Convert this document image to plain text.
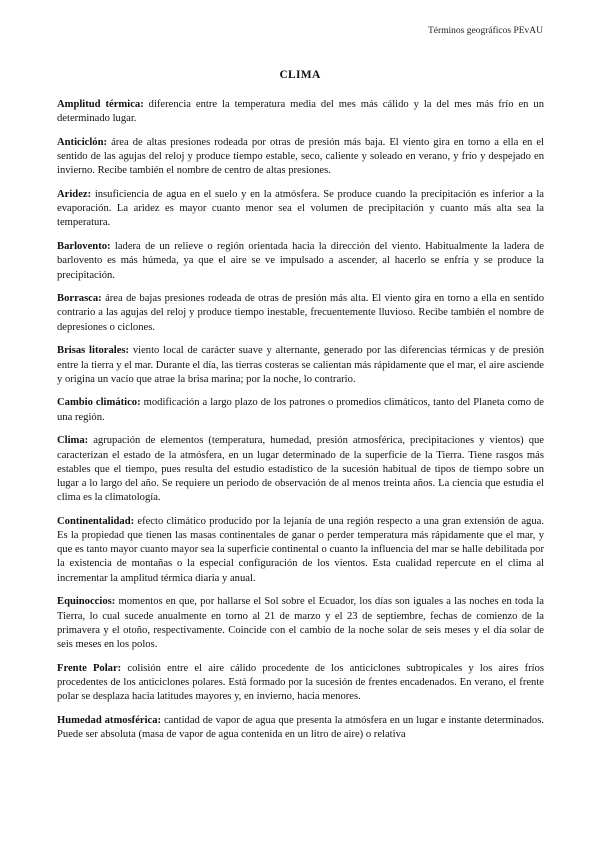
Términos geográficos PEvAU
CLIMA

Amplitud térmica: diferencia entre la temperatura media del mes más cálido y la del mes más frío en un determinado lugar.

Anticiclón: área de altas presiones rodeada por otras de presión más baja. El viento gira en torno a ella en el sentido de las agujas del reloj y produce tiempo estable, seco, caliente y soleado en verano, y frío y despejado en invierno. Recibe también el nombre de centro de altas presiones.

Aridez: insuficiencia de agua en el suelo y en la atmósfera. Se produce cuando la precipitación es inferior a la evaporación. La aridez es mayor cuanto menor sea el volumen de precipitación y cuanto más alta sea la temperatura.

Barlovento: ladera de un relieve o región orientada hacia la dirección del viento. Habitualmente la ladera de barlovento es más húmeda, ya que el aire se ve impulsado a ascender, al hacerlo se enfría y se produce la precipitación.

Borrasca: área de bajas presiones rodeada de otras de presión más alta. El viento gira en torno a ella en sentido contrario a las agujas del reloj y produce tiempo inestable, frecuentemente lluvioso. Recibe también el nombre de depresiones o ciclones.

Brisas litorales: viento local de carácter suave y alternante, generado por las diferencias térmicas y de presión entre la tierra y el mar. Durante el día, las tierras costeras se calientan más rápidamente que el mar, el aire asciende y origina un vacío que atrae la brisa marina; por la noche, lo contrario.

Cambio climático: modificación a largo plazo de los patrones o promedios climáticos, tanto del Planeta como de una región.

Clima: agrupación de elementos (temperatura, humedad, presión atmosférica, precipitaciones y vientos) que caracterizan el estado de la atmósfera, en un lugar determinado de la superficie de la Tierra. Tiene rasgos más estables que el tiempo, pues resulta del estudio estadístico de la sucesión habitual de tipos de tiempo sobre un lugar a lo largo del año. Se requiere un periodo de observación de al menos treinta años. La ciencia que estudia el clima es la climatología.

Continentalidad: efecto climático producido por la lejanía de una región respecto a una gran extensión de agua. Es la propiedad que tienen las masas continentales de ganar o perder temperatura más rápidamente que el mar, y que es tanto mayor cuanto mayor sea la superficie continental o cuanto la influencia del mar se halle debilitada por la existencia de montañas o la especial configuración de los vientos. Esta cualidad repercute en el clima al incrementar la amplitud térmica diaria y anual.

Equinoccios: momentos en que, por hallarse el Sol sobre el Ecuador, los días son iguales a las noches en toda la Tierra, lo cual sucede anualmente en torno al 21 de marzo y el 23 de septiembre, fechas de comienzo de la primavera y el otoño, respectivamente. Coincide con el cambio de la noche solar de seis meses y el día solar de seis meses en los polos.

Frente Polar: colisión entre el aire cálido procedente de los anticiclones subtropicales y los aires fríos procedentes de los anticiclones polares. Está formado por la sucesión de frentes encadenados. En verano, el frente polar se desplaza hacia latitudes mayores y, en invierno, hacia menores.

Humedad atmosférica: cantidad de vapor de agua que presenta la atmósfera en un lugar e instante determinados. Puede ser absoluta (masa de vapor de agua contenida en un litro de aire) o relativa
